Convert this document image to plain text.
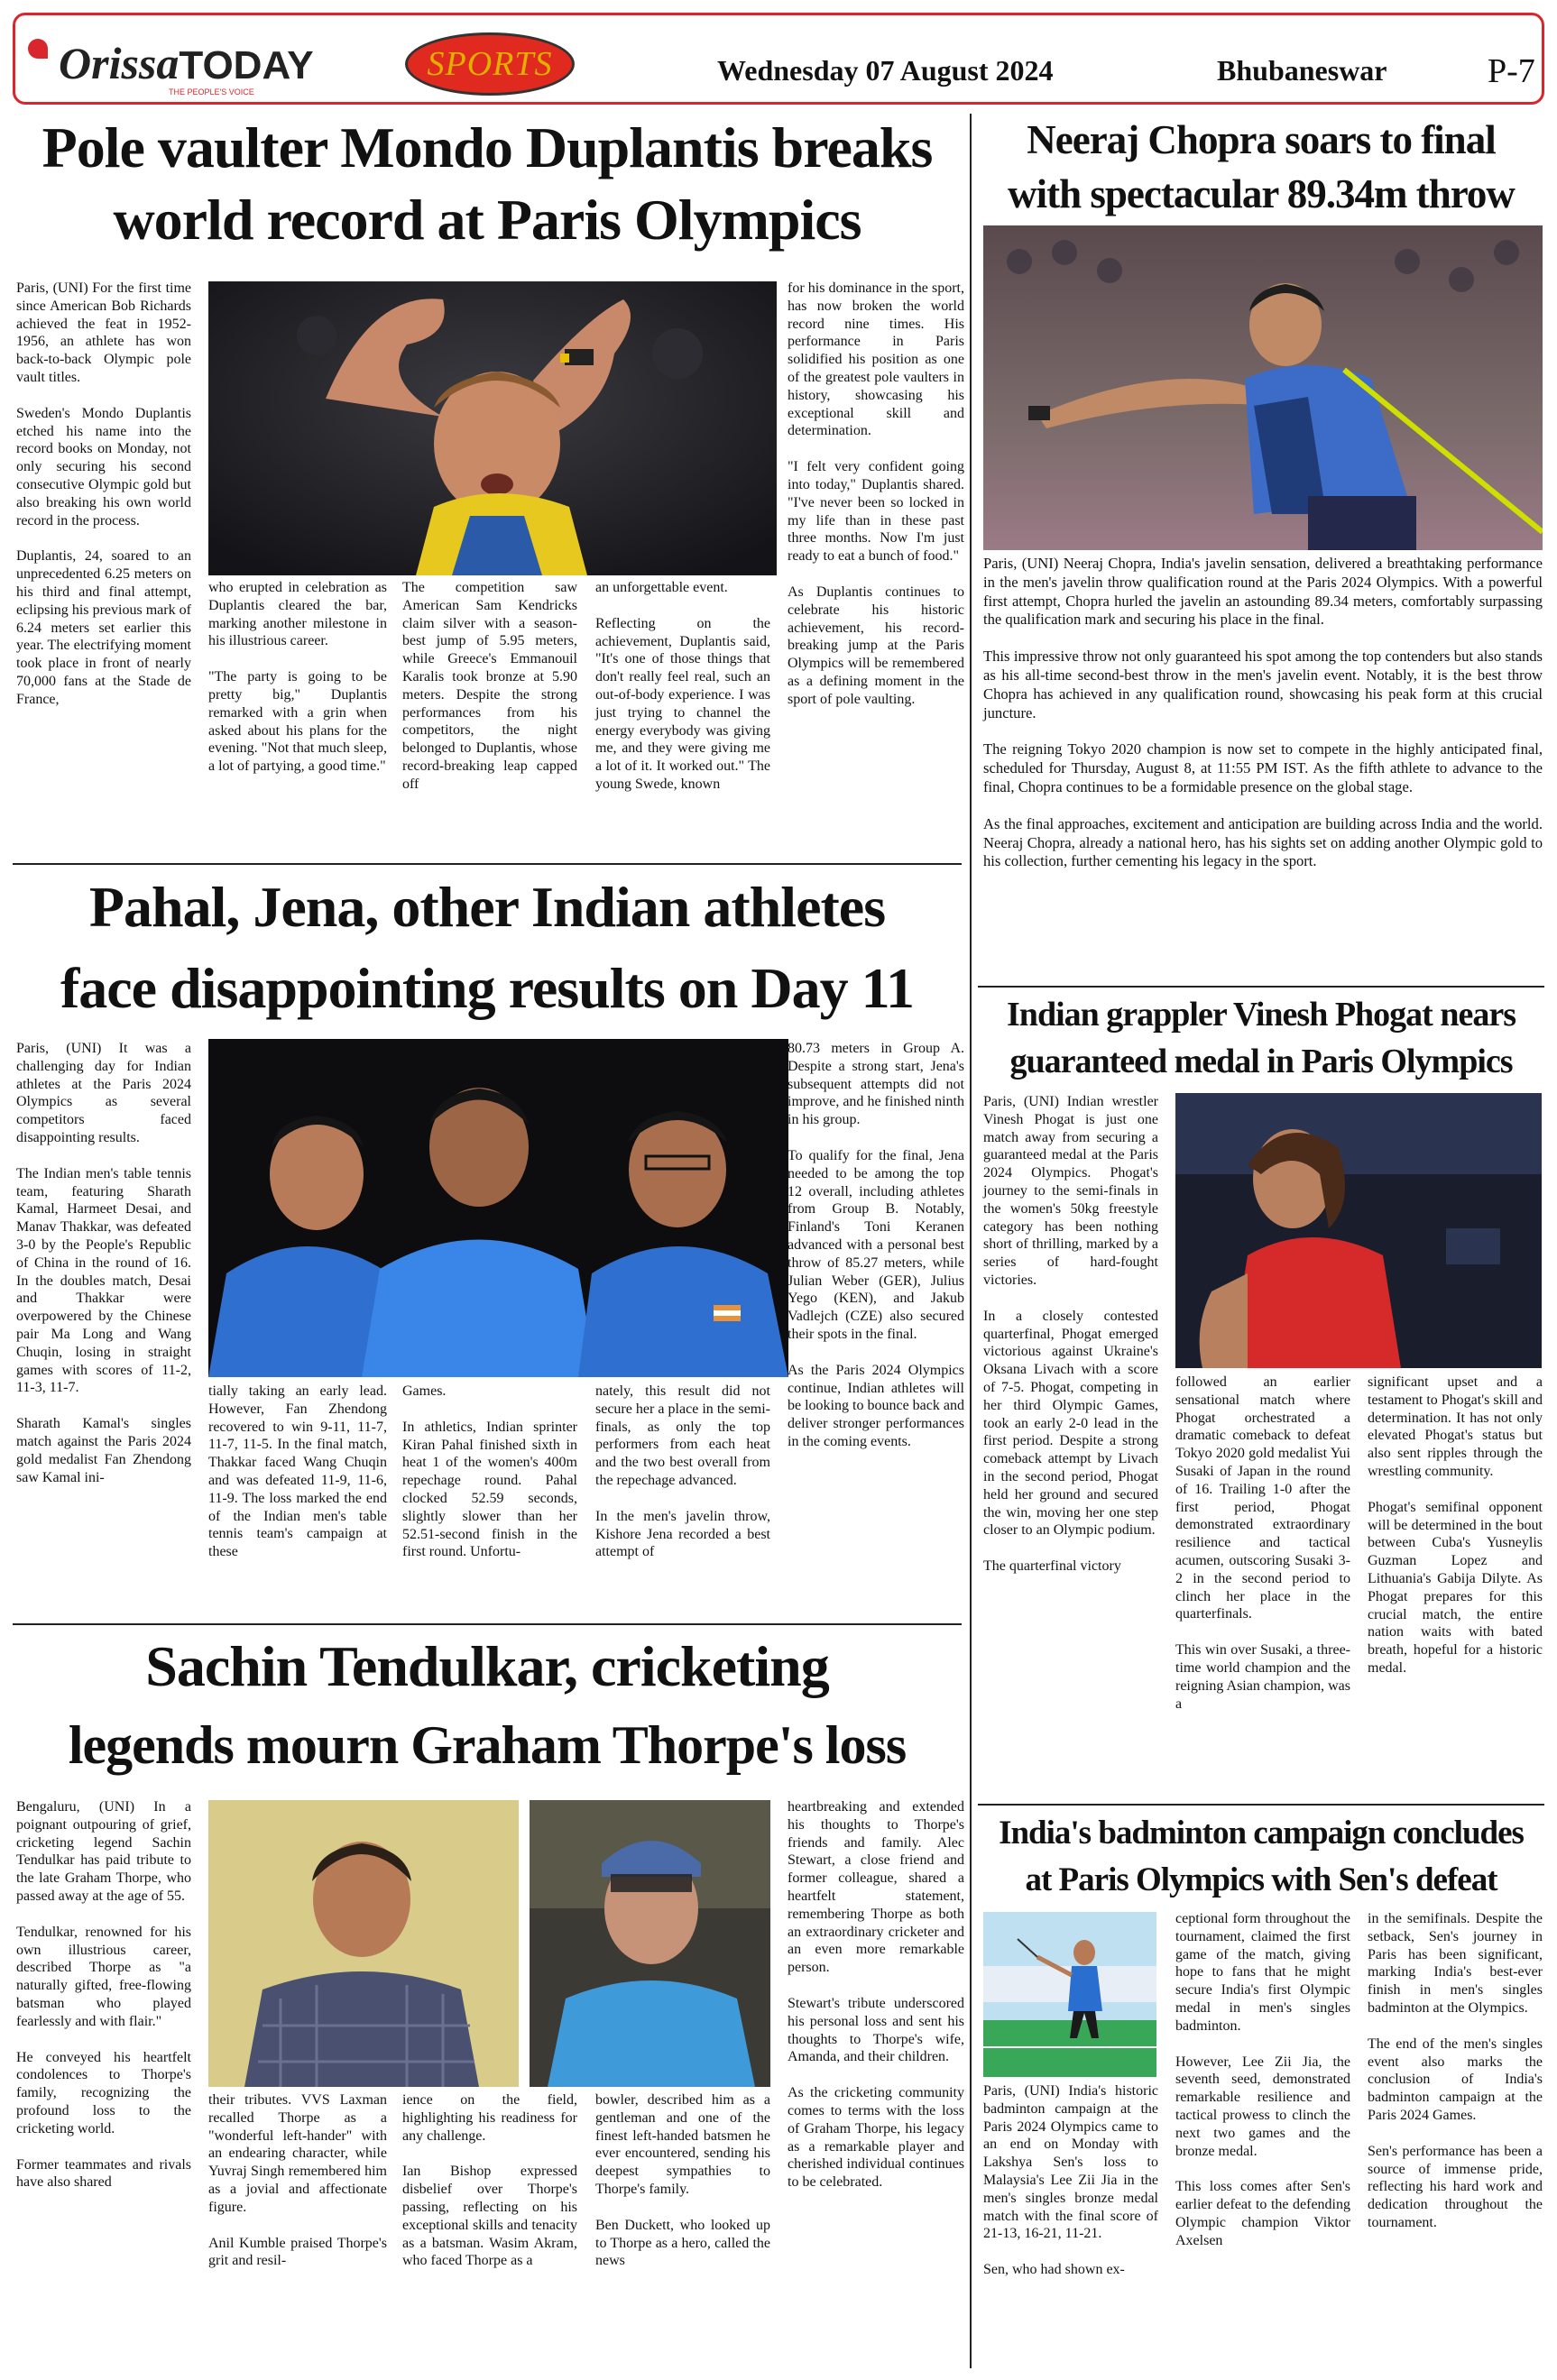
OrissaTODAY
THE PEOPLE'S VOICE
SPORTS	Wednesday 07 August 2024	Bhubaneswar	P-7
Pole vaulter Mondo Duplantis breaks
world record at Paris Olympics

Paris, (UNI) For the first time since American Bob Richards achieved the feat in 1952-1956, an athlete has won back-to-back Olympic pole vault titles.

Sweden's Mondo Duplantis etched his name into the record books on Monday, not only securing his second consecutive Olympic gold but also breaking his own world record in the process.

Duplantis, 24, soared to an unprecedented 6.25 meters on his third and final attempt, eclipsing his previous mark of 6.24 meters set earlier this year. The electrifying moment took place in front of nearly 70,000 fans at the Stade de France,

who erupted in celebration as Duplantis cleared the bar, marking another milestone in his illustrious career.

"The party is going to be pretty big," Duplantis remarked with a grin when asked about his plans for the evening. "Not that much sleep, a lot of partying, a good time."

The competition saw American Sam Kendricks claim silver with a season-best jump of 5.95 meters, while Greece's Emmanouil Karalis took bronze at 5.90 meters. Despite the strong performances from his competitors, the night belonged to Duplantis, whose record-breaking leap capped off

an unforgettable event.

Reflecting on the achievement, Duplantis said, "It's one of those things that don't really feel real, such an out-of-body experience. I was just trying to channel the energy everybody was giving me, and they were giving me a lot of it. It worked out." The young Swede, known

for his dominance in the sport, has now broken the world record nine times. His performance in Paris solidified his position as one of the greatest pole vaulters in history, showcasing his exceptional skill and determination.

"I felt very confident going into today," Duplantis shared. "I've never been so locked in my life than in these past three months. Now I'm just ready to eat a bunch of food."

As Duplantis continues to celebrate his historic achievement, his record-breaking jump at the Paris Olympics will be remembered as a defining moment in the sport of pole vaulting.

Neeraj Chopra soars to final
with spectacular 89.34m throw

Paris, (UNI) Neeraj Chopra, India's javelin sensation, delivered a breathtaking performance in the men's javelin throw qualification round at the Paris 2024 Olympics. With a powerful first attempt, Chopra hurled the javelin an astounding 89.34 meters, comfortably surpassing the qualification mark and securing his place in the final.

This impressive throw not only guaranteed his spot among the top contenders but also stands as his all-time second-best throw in the men's javelin event. Notably, it is the best throw Chopra has achieved in any qualification round, showcasing his peak form at this crucial juncture.

The reigning Tokyo 2020 champion is now set to compete in the highly anticipated final, scheduled for Thursday, August 8, at 11:55 PM IST. As the fifth athlete to advance to the final, Chopra continues to be a formidable presence on the global stage.

As the final approaches, excitement and anticipation are building across India and the world. Neeraj Chopra, already a national hero, has his sights set on adding another Olympic gold to his collection, further cementing his legacy in the sport.

Pahal, Jena, other Indian athletes
face disappointing results on Day 11

Paris, (UNI) It was a challenging day for Indian athletes at the Paris 2024 Olympics as several competitors faced disappointing results.

The Indian men's table tennis team, featuring Sharath Kamal, Harmeet Desai, and Manav Thakkar, was defeated 3-0 by the People's Republic of China in the round of 16. In the doubles match, Desai and Thakkar were overpowered by the Chinese pair Ma Long and Wang Chuqin, losing in straight games with scores of 11-2, 11-3, 11-7.

Sharath Kamal's singles match against the Paris 2024 gold medalist Fan Zhendong saw Kamal ini-

tially taking an early lead. However, Fan Zhendong recovered to win 9-11, 11-7, 11-7, 11-5. In the final match, Thakkar faced Wang Chuqin and was defeated 11-9, 11-6, 11-9. The loss marked the end of the Indian men's table tennis team's campaign at these

Games.

In athletics, Indian sprinter Kiran Pahal finished sixth in heat 1 of the women's 400m repechage round. Pahal clocked 52.59 seconds, slightly slower than her 52.51-second finish in the first round. Unfortu-

nately, this result did not secure her a place in the semi-finals, as only the top performers from each heat and the two best overall from the repechage advanced.

In the men's javelin throw, Kishore Jena recorded a best attempt of

80.73 meters in Group A. Despite a strong start, Jena's subsequent attempts did not improve, and he finished ninth in his group.

To qualify for the final, Jena needed to be among the top 12 overall, including athletes from Group B. Notably, Finland's Toni Keranen advanced with a personal best throw of 85.27 meters, while Julian Weber (GER), Julius Yego (KEN), and Jakub Vadlejch (CZE) also secured their spots in the final.

As the Paris 2024 Olympics continue, Indian athletes will be looking to bounce back and deliver stronger performances in the coming events.

Indian grappler Vinesh Phogat nears
guaranteed medal in Paris Olympics

Paris, (UNI) Indian wrestler Vinesh Phogat is just one match away from securing a guaranteed medal at the Paris 2024 Olympics. Phogat's journey to the semi-finals in the women's 50kg freestyle category has been nothing short of thrilling, marked by a series of hard-fought victories.

In a closely contested quarterfinal, Phogat emerged victorious against Ukraine's Oksana Livach with a score of 7-5. Phogat, competing in her third Olympic Games, took an early 2-0 lead in the first period. Despite a strong comeback attempt by Livach in the second period, Phogat held her ground and secured the win, moving her one step closer to an Olympic podium.

The quarterfinal victory

followed an earlier sensational match where Phogat orchestrated a dramatic comeback to defeat Tokyo 2020 gold medalist Yui Susaki of Japan in the round of 16. Trailing 1-0 after the first period, Phogat demonstrated extraordinary resilience and tactical acumen, outscoring Susaki 3-2 in the second period to clinch her place in the quarterfinals.

This win over Susaki, a three-time world champion and the reigning Asian champion, was a

significant upset and a testament to Phogat's skill and determination. It has not only elevated Phogat's status but also sent ripples through the wrestling community.

Phogat's semifinal opponent will be determined in the bout between Cuba's Yusneylis Guzman Lopez and Lithuania's Gabija Dilyte. As Phogat prepares for this crucial match, the entire nation waits with bated breath, hopeful for a historic medal.

Sachin Tendulkar, cricketing
legends mourn Graham Thorpe's loss

Bengaluru, (UNI) In a poignant outpouring of grief, cricketing legend Sachin Tendulkar has paid tribute to the late Graham Thorpe, who passed away at the age of 55.

Tendulkar, renowned for his own illustrious career, described Thorpe as "a naturally gifted, free-flowing batsman who played fearlessly and with flair."

He conveyed his heartfelt condolences to Thorpe's family, recognizing the profound loss to the cricketing world.

Former teammates and rivals have also shared

their tributes. VVS Laxman recalled Thorpe as a "wonderful left-hander" with an endearing character, while Yuvraj Singh remembered him as a jovial and affectionate figure.

Anil Kumble praised Thorpe's grit and resil-

ience on the field, highlighting his readiness for any challenge.

Ian Bishop expressed disbelief over Thorpe's passing, reflecting on his exceptional skills and tenacity as a batsman. Wasim Akram, who faced Thorpe as a

bowler, described him as a gentleman and one of the finest left-handed batsmen he ever encountered, sending his deepest sympathies to Thorpe's family.

Ben Duckett, who looked up to Thorpe as a hero, called the news

heartbreaking and extended his thoughts to Thorpe's friends and family. Alec Stewart, a close friend and former colleague, shared a heartfelt statement, remembering Thorpe as both an extraordinary cricketer and an even more remarkable person.

Stewart's tribute underscored his personal loss and sent his thoughts to Thorpe's wife, Amanda, and their children.

As the cricketing community comes to terms with the loss of Graham Thorpe, his legacy as a remarkable player and cherished individual continues to be celebrated.

India's badminton campaign concludes
at Paris Olympics with Sen's defeat

Paris, (UNI) India's historic badminton campaign at the Paris 2024 Olympics came to an end on Monday with Lakshya Sen's loss to Malaysia's Lee Zii Jia in the men's singles bronze medal match with the final score of 21-13, 16-21, 11-21.

Sen, who had shown ex-

ceptional form throughout the tournament, claimed the first game of the match, giving hope to fans that he might secure India's first Olympic medal in men's singles badminton.

However, Lee Zii Jia, the seventh seed, demonstrated remarkable resilience and tactical prowess to clinch the next two games and the bronze medal.

This loss comes after Sen's earlier defeat to the defending Olympic champion Viktor Axelsen

in the semifinals. Despite the setback, Sen's journey in Paris has been significant, marking India's best-ever finish in men's singles badminton at the Olympics.

The end of the men's singles event also marks the conclusion of India's badminton campaign at the Paris 2024 Games.

Sen's performance has been a source of immense pride, reflecting his hard work and dedication throughout the tournament.
